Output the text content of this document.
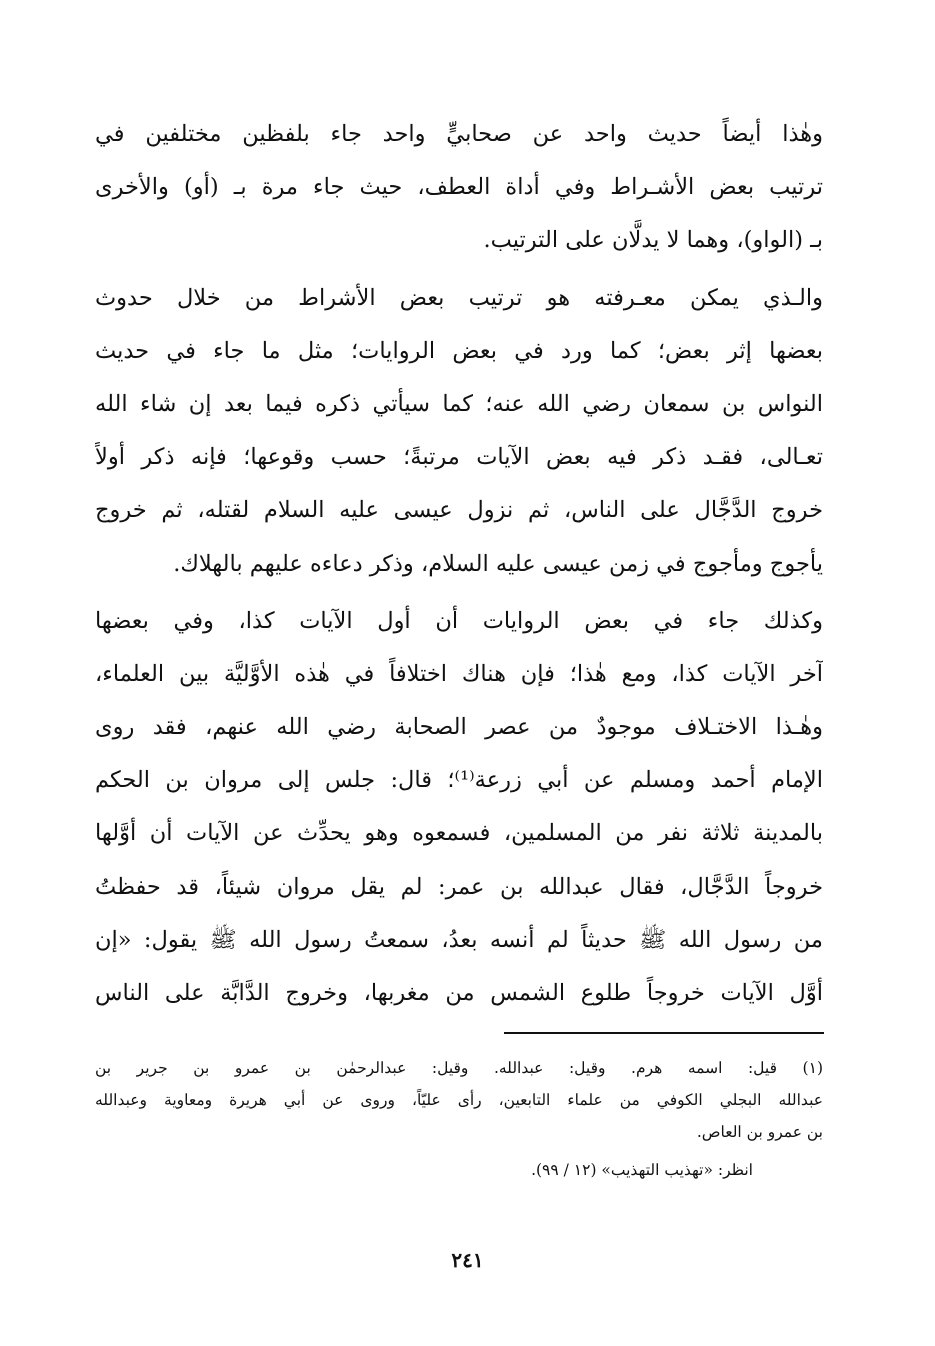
وهٰذا أيضاً حديث واحد عن صحابيٍّ واحد جاء بلفظين مختلفين في
ترتيب بعض الأشـراط وفي أداة العطف، حيث جاء مرة بـ (أو) والأخرى
بـ (الواو)، وهما لا يدلَّان على الترتيب.
والـذي يمكن معـرفته هو ترتيب بعض الأشراط من خلال حدوث
بعضها إثر بعض؛ كما ورد في بعض الروايات؛ مثل ما جاء في حديث
النواس بن سمعان رضي الله عنه؛ كما سيأتي ذكره فيما بعد إن شاء الله
تعـالى، فقـد ذكر فيه بعض الآيات مرتبةً؛ حسب وقوعها؛ فإنه ذكر أولاً
خروج الدَّجَّال على الناس، ثم نزول عيسى عليه السلام لقتله، ثم خروج
يأجوج ومأجوج في زمن عيسى عليه السلام، وذكر دعاءه عليهم بالهلاك.
وكذلك جاء في بعض الروايات أن أول الآيات كذا، وفي بعضها
آخر الآيات كذا، ومع هٰذا؛ فإن هناك اختلافاً في هٰذه الأوَّليَّة بين العلماء،
وهٰـذا الاختـلاف موجودٌ من عصر الصحابة رضي الله عنهم، فقد روى
الإمام أحمد ومسلم عن أبي زرعة⁽¹⁾؛ قال: جلس إلى مروان بن الحكم
بالمدينة ثلاثة نفر من المسلمين، فسمعوه وهو يحدِّث عن الآيات أن أوَّلها
خروجاً الدَّجَّال، فقال عبدالله بن عمر: لم يقل مروان شيئاً، قد حفظتُ
من رسول الله ﷺ حديثاً لم أنسه بعدُ، سمعتُ رسول الله ﷺ يقول: «إن
أوَّل الآيات خروجاً طلوع الشمس من مغربها، وخروج الدَّابَّة على الناس
(١) قيل: اسمه هرم. وقيل: عبدالله. وقيل: عبدالرحمٰن بن عمرو بن جرير بن
عبدالله البجلي الكوفي من علماء التابعين، رأى عليّاً، وروى عن أبي هريرة ومعاوية وعبدالله
بن عمرو بن العاص.
انظر: «تهذيب التهذيب» (١٢ / ٩٩).
٢٤١
